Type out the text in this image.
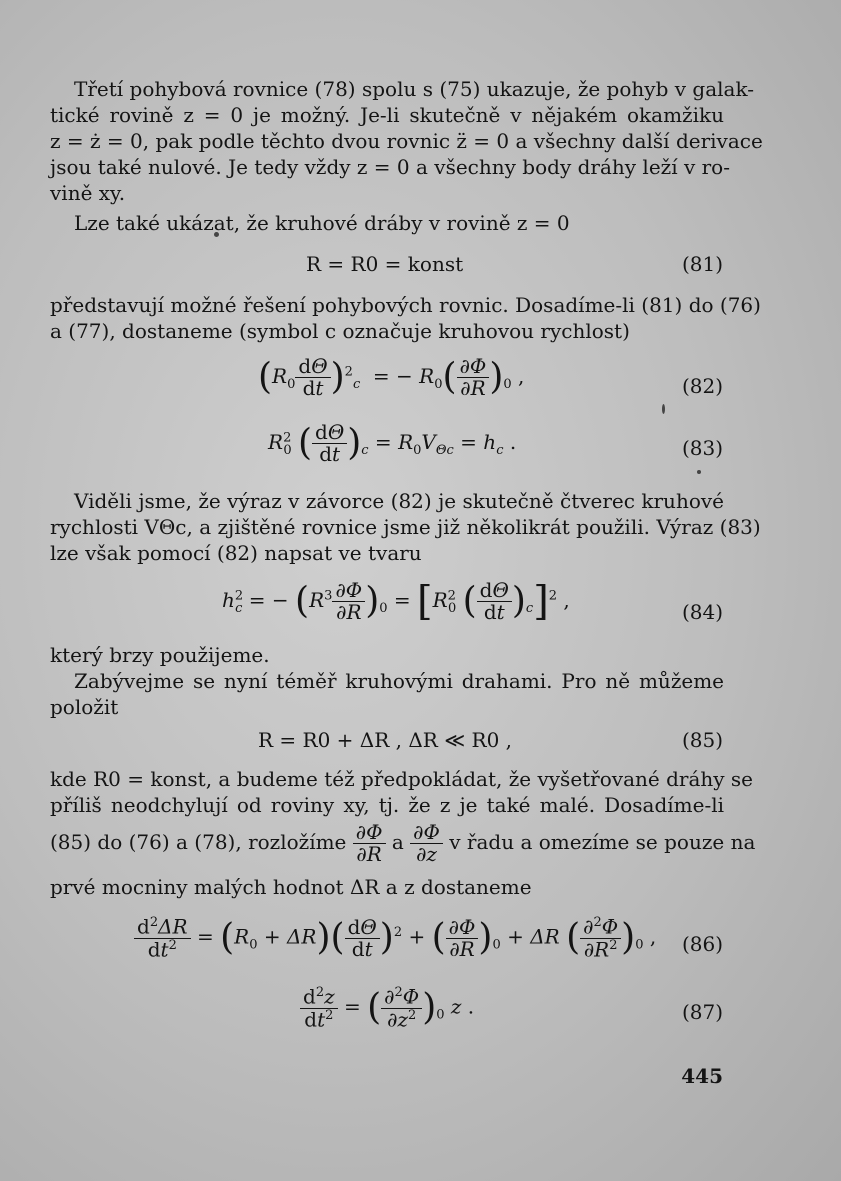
Třetí pohybová rovnice (78) spolu s (75) ukazuje, že pohyb v galak-
tické rovině z = 0 je možný. Je-li skutečně v nějakém okamžiku
z = ż = 0, pak podle těchto dvou rovnic z̈ = 0 a všechny další derivace
jsou také nulové. Je tedy vždy z = 0 a všechny body dráhy leží v ro-
vině xy.
Lze také ukázat, že kruhové dráby v rovině z = 0
R = R0 = konst	(81)
představují možné řešení pohybových rovnic. Dosadíme-li (81) do (76)
a (77), dostaneme (symbol c označuje kruhovou rychlost)
$(R_0 \frac{d\Theta}{dt} )^2_c$  = − $R_0( \frac{\partial\Phi}{\partial R} )_0$ ,	(82)
$R^2_0$ ( $\frac{d\Theta}{dt} )_c = R_0V_{\Theta c} = h_c$ .	(83)
Viděli jsme, že výraz v závorce (82) je skutečně čtverec kruhové
rychlosti VΘc, a zjištěné rovnice jsme již několikrát použili. Výraz (83)
lze však pomocí (82) napsat ve tvaru
$h^2_c$ = − $(R^3 \frac{\partial\Phi}{\partial R} )_0 = [R^2_0$ ( $\frac{d\Theta}{dt} )_c]^2$ ,	(84)
který brzy použijeme.
Zabývejme se nyní téměř kruhovými drahami. Pro ně můžeme
položit
R = R0 + ΔR , ΔR ≪ R0 ,	(85)
kde R0 = konst, a budeme též předpokládat, že vyšetřované dráhy se
příliš neodchylují od roviny xy, tj. že z je také malé. Dosadíme-li
(85) do (76) a (78), rozložíme $\frac{\partial\Phi}{\partial R}$ a $\frac{\partial\Phi}{\partial z}$ v řadu a omezíme se pouze na
prvé mocniny malých hodnot ΔR a z dostaneme
$\frac{d^2\Delta R}{dt^2} = (R_0 + \Delta R)( \frac{d\Theta}{dt} )^2$ + ( $\frac{\partial\Phi}{\partial R} )_0 + \Delta R$ ( $\frac{\partial^2\Phi}{\partial R^2} )_0$ , (86)
$\frac{d^2z}{dt^2}$ = ( $\frac{\partial^2\Phi}{\partial z^2} )_0$ z .	(87)
445
